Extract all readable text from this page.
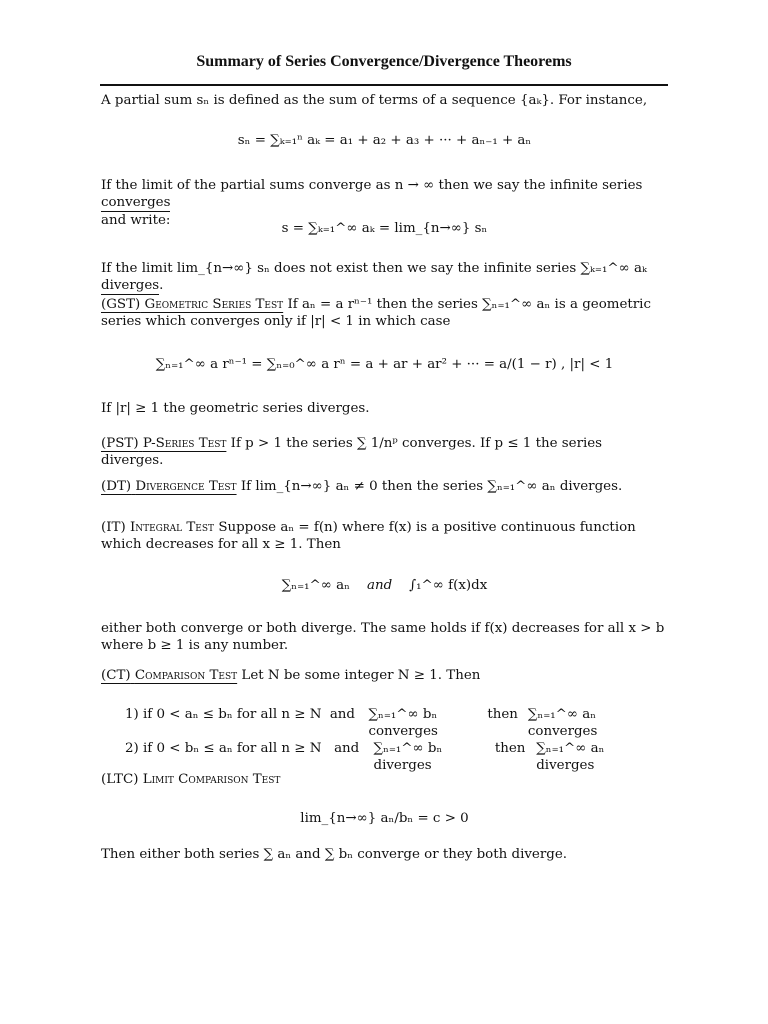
Summary of Series Convergence/Divergence Theorems
A partial sum sₙ is defined as the sum of terms of a sequence {aₖ}. For instance,
sₙ = ∑ₖ₌₁ⁿ aₖ = a₁ + a₂ + a₃ + ··· + aₙ₋₁ + aₙ
If the limit of the partial sums converge as n → ∞ then we say the infinite series converges
and write:
s = ∑ₖ₌₁^∞ aₖ = lim_{n→∞} sₙ
If the limit lim_{n→∞} sₙ does not exist then we say the infinite series ∑ₖ₌₁^∞ aₖ diverges.
(GST) Geometric Series Test If aₙ = a rⁿ⁻¹ then the series ∑ₙ₌₁^∞ aₙ is a geometric series which converges only if |r| < 1 in which case
∑ₙ₌₁^∞ a rⁿ⁻¹ = ∑ₙ₌₀^∞ a rⁿ = a + ar + ar² + ··· = a/(1 − r) , |r| < 1
If |r| ≥ 1 the geometric series diverges.
(PST) P-Series Test If p > 1 the series ∑ 1/nᵖ converges. If p ≤ 1 the series diverges.
(DT) Divergence Test If lim_{n→∞} aₙ ≠ 0 then the series ∑ₙ₌₁^∞ aₙ diverges.
(IT) Integral Test Suppose aₙ = f(n) where f(x) is a positive continuous function which decreases for all x ≥ 1. Then
∑ₙ₌₁^∞ aₙ and ∫₁^∞ f(x)dx
either both converge or both diverge. The same holds if f(x) decreases for all x > b where b ≥ 1 is any number.
(CT) Comparison Test Let N be some integer N ≥ 1. Then
1) if 0 < aₙ ≤ bₙ for all n ≥ N and	∑ₙ₌₁^∞ bₙ converges
then ∑ₙ₌₁^∞ aₙ converges
2) if 0 < bₙ ≤ aₙ for all n ≥ N and	∑ₙ₌₁^∞ bₙ diverges
then ∑ₙ₌₁^∞ aₙ diverges
(LTC) Limit Comparison Test
lim_{n→∞} aₙ/bₙ = c > 0
Then either both series ∑ aₙ and ∑ bₙ converge or they both diverge.
